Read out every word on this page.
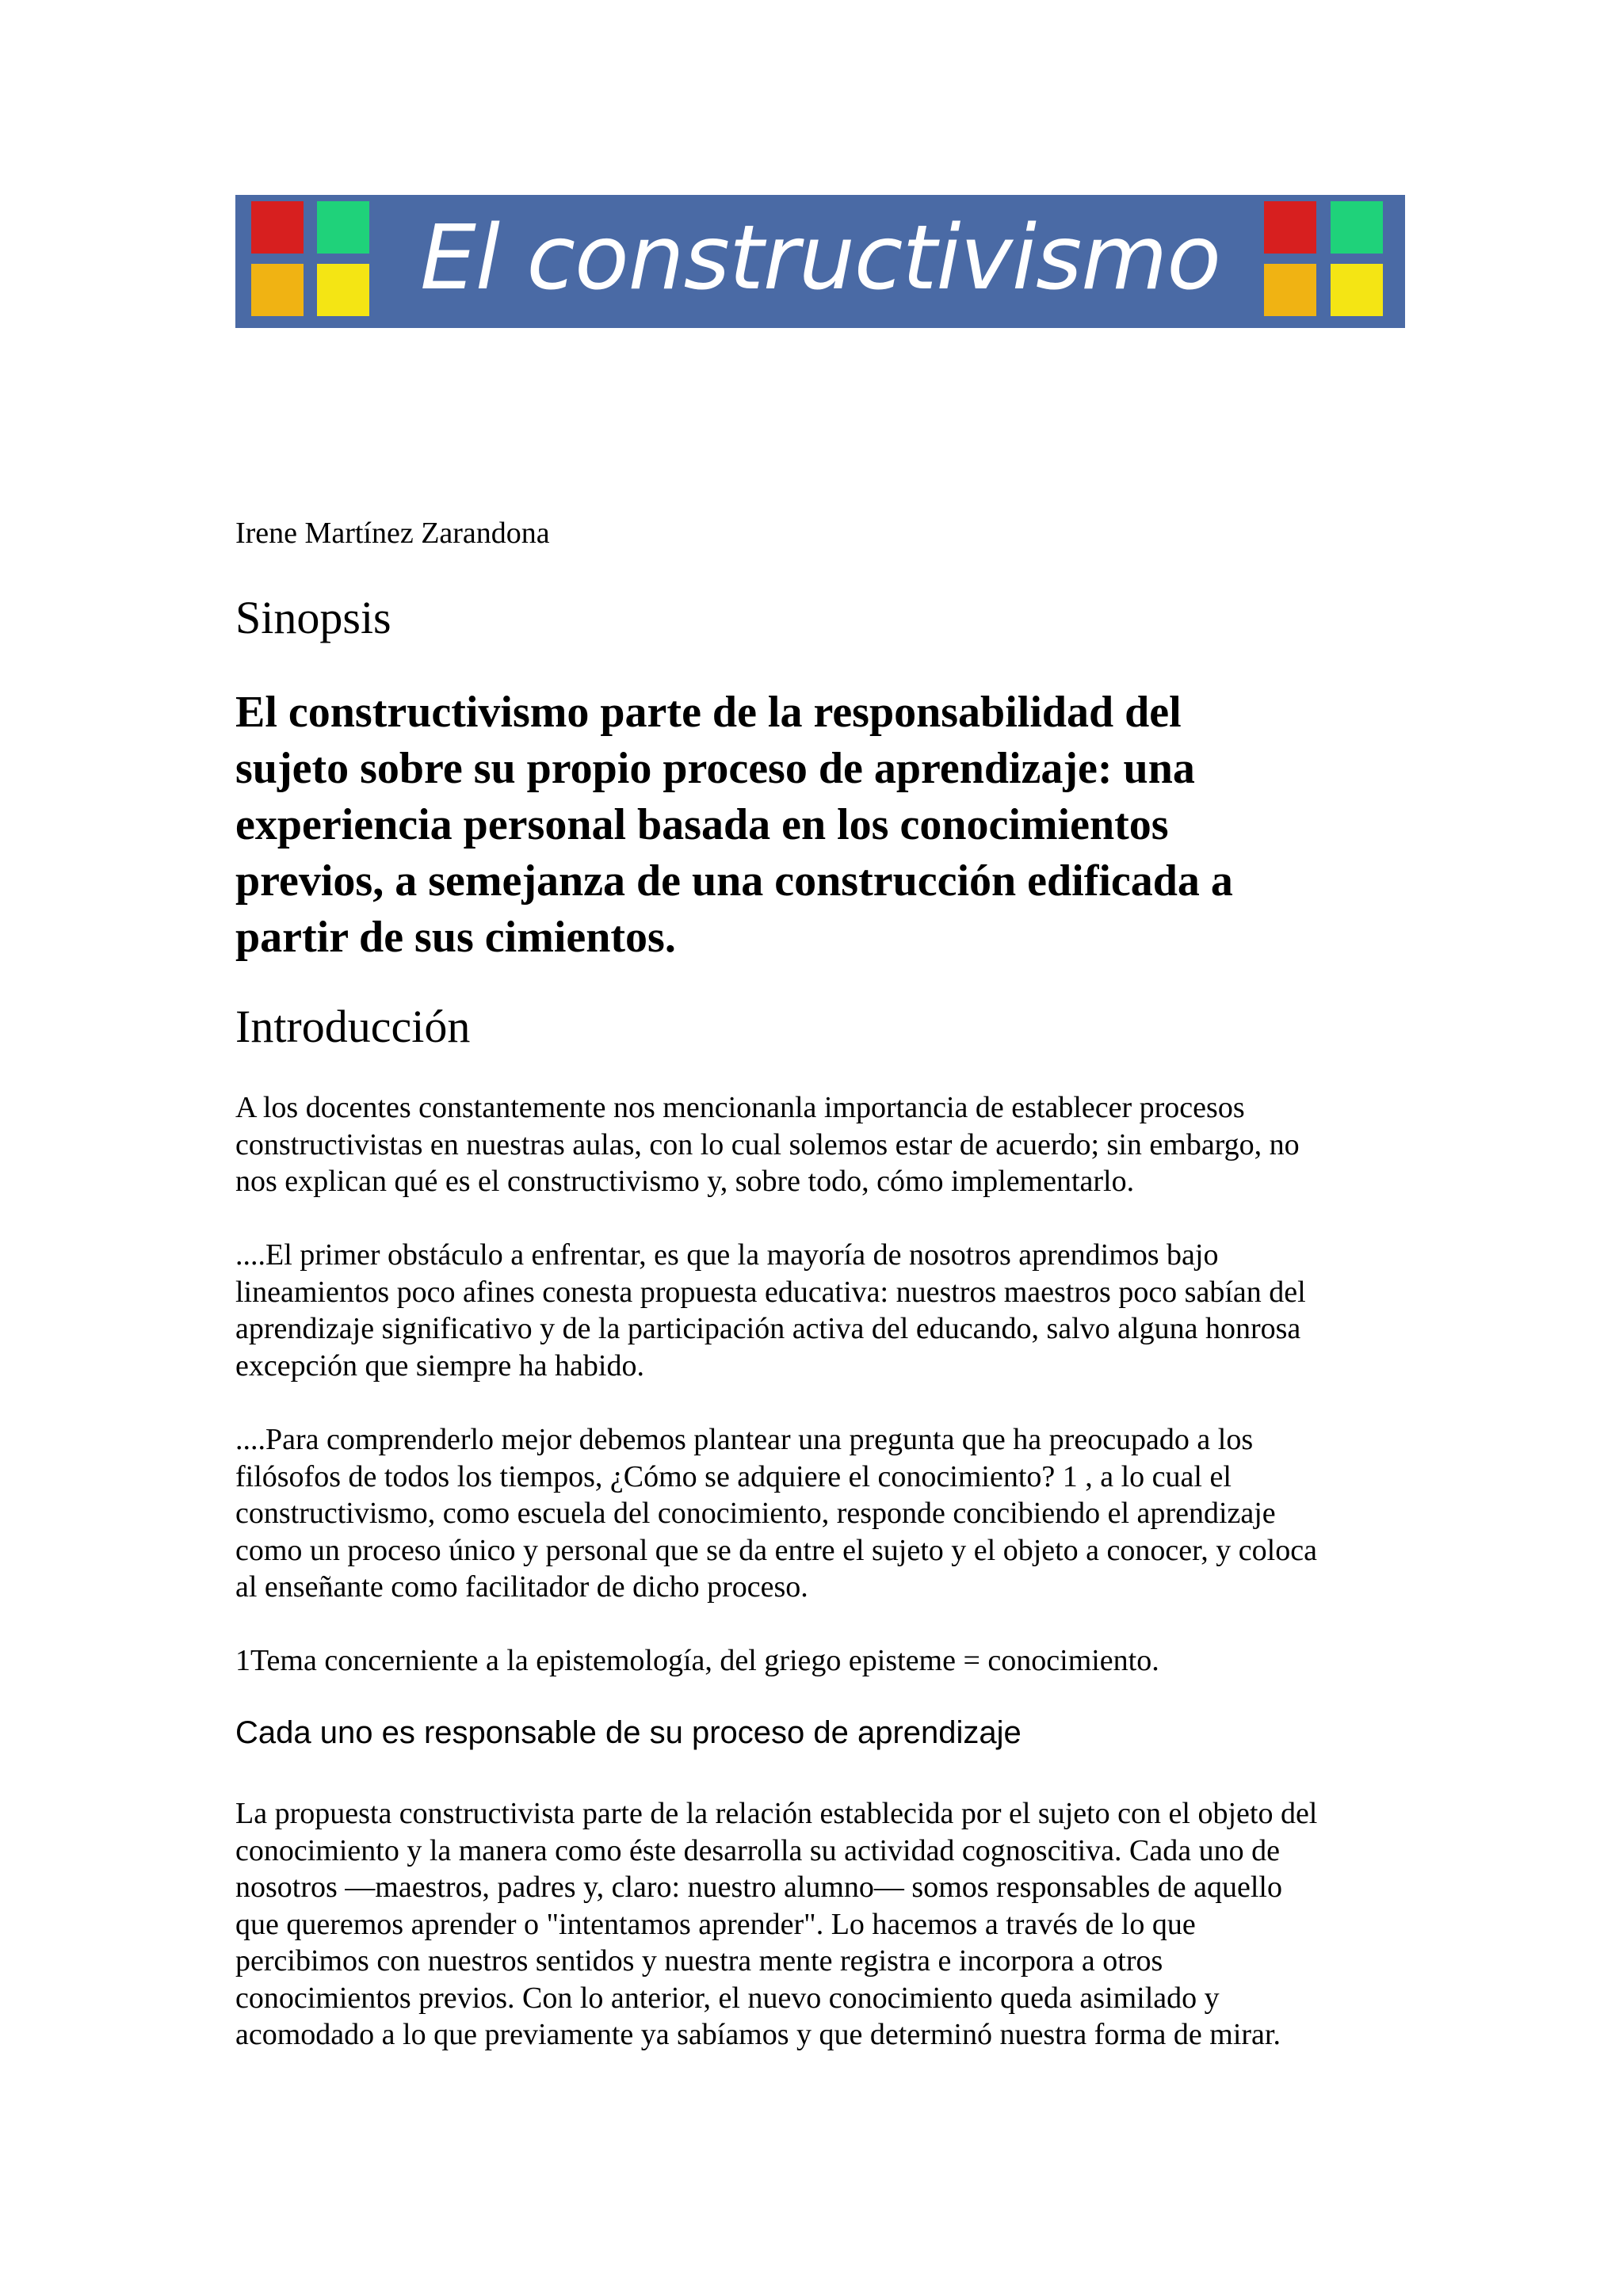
El constructivismo
Irene Martínez Zarandona
Sinopsis
El constructivismo parte de la responsabilidad del
sujeto sobre su propio proceso de aprendizaje: una
experiencia personal basada en los conocimientos
previos, a semejanza de una construcción edificada a
partir de sus cimientos.
Introducción
A los docentes constantemente nos mencionanla importancia de establecer procesos
constructivistas en nuestras aulas, con lo cual solemos estar de acuerdo; sin embargo, no
nos explican qué es el constructivismo y, sobre todo, cómo implementarlo.
....El primer obstáculo a enfrentar, es que la mayoría de nosotros aprendimos bajo
lineamientos poco afines conesta propuesta educativa: nuestros maestros poco sabían del
aprendizaje significativo y de la participación activa del educando, salvo alguna honrosa
excepción que siempre ha habido.
....Para comprenderlo mejor debemos plantear una pregunta que ha preocupado a los
filósofos de todos los tiempos, ¿Cómo se adquiere el conocimiento? 1 , a lo cual el
constructivismo, como escuela del conocimiento, responde concibiendo el aprendizaje
como un proceso único y personal que se da entre el sujeto y el objeto a conocer, y coloca
al enseñante como facilitador de dicho proceso.
1Tema concerniente a la epistemología, del griego episteme = conocimiento.
Cada uno es responsable de su proceso de aprendizaje
La propuesta constructivista parte de la relación establecida por el sujeto con el objeto del
conocimiento y la manera como éste desarrolla su actividad cognoscitiva. Cada uno de
nosotros —maestros, padres y, claro: nuestro alumno— somos responsables de aquello
que queremos aprender o "intentamos aprender". Lo hacemos a través de lo que
percibimos con nuestros sentidos y nuestra mente registra e incorpora a otros
conocimientos previos. Con lo anterior, el nuevo conocimiento queda asimilado y
acomodado a lo que previamente ya sabíamos y que determinó nuestra forma de mirar.
